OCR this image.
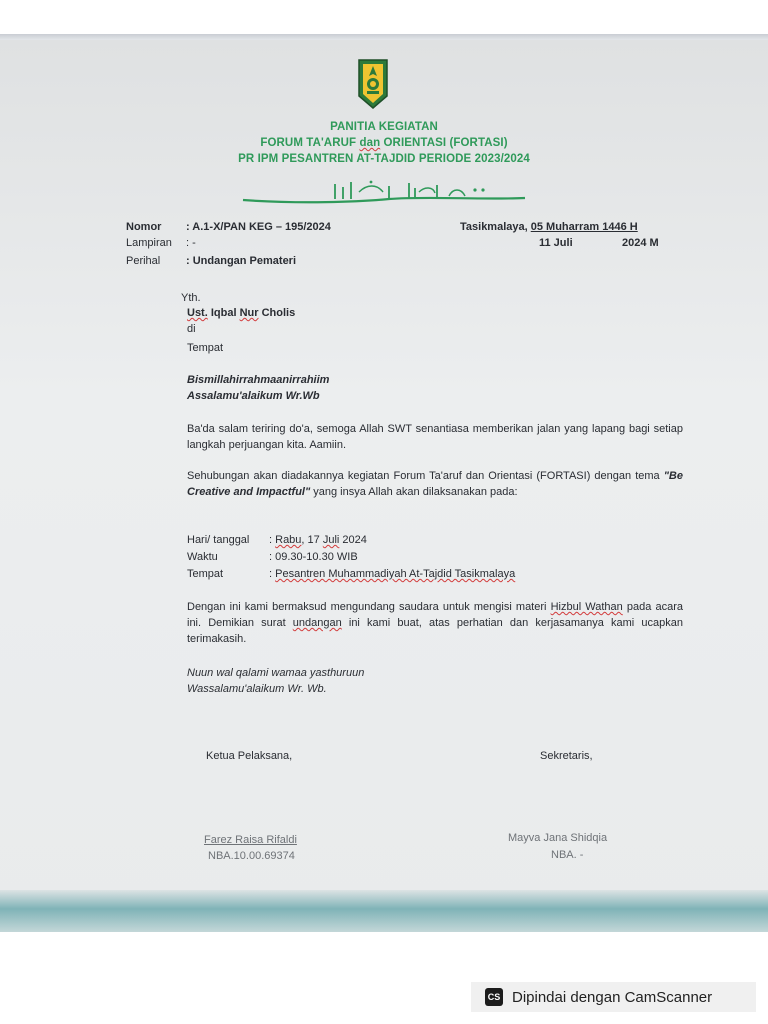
PANITIA KEGIATAN
FORUM TA'ARUF dan ORIENTASI (FORTASI)
PR IPM PESANTREN AT-TAJDID PERIODE 2023/2024
Nomor : A.1-X/PAN KEG – 195/2024
Lampiran : -
Perihal : Undangan Pemateri
Tasikmalaya, 05 Muharram 1446 H
11 Juli	2024 M
Yth.
Ust. Iqbal Nur Cholis
di
Tempat
Bismillahirrahmaanirrahiim
Assalamu'alaikum Wr.Wb
Ba'da salam teriring do'a, semoga Allah SWT senantiasa memberikan jalan yang lapang bagi setiap langkah perjuangan kita. Aamiin.
Sehubungan akan diadakannya kegiatan Forum Ta'aruf dan Orientasi (FORTASI) dengan tema "Be Creative and Impactful" yang insya Allah akan dilaksanakan pada:
Hari/ tanggal : Rabu, 17 Juli 2024
Waktu	: 09.30-10.30 WIB
Tempat	: Pesantren Muhammadiyah At-Tajdid Tasikmalaya
Dengan ini kami bermaksud mengundang saudara untuk mengisi materi Hizbul Wathan pada acara ini. Demikian surat undangan ini kami buat, atas perhatian dan kerjasamanya kami ucapkan terimakasih.
Nuun wal qalami wamaa yasthuruun
Wassalamu'alaikum Wr. Wb.
Ketua Pelaksana,	Sekretaris,
Farez Raisa Rifaldi
NBA.10.00.69374
Mayva Jana Shidqia
NBA. -
CS Dipindai dengan CamScanner
